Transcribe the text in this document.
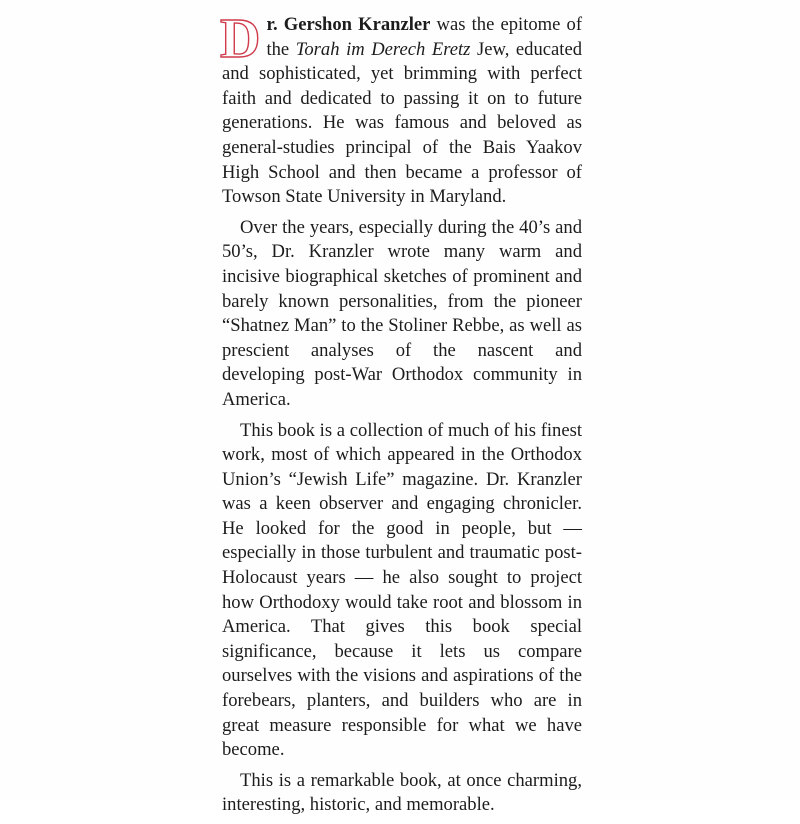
Dr. Gershon Kranzler was the epitome of the Torah im Derech Eretz Jew, educated and sophisticated, yet brimming with perfect faith and dedicated to passing it on to future generations. He was famous and beloved as general-studies principal of the Bais Yaakov High School and then became a professor of Towson State University in Maryland.

Over the years, especially during the 40’s and 50’s, Dr. Kranzler wrote many warm and incisive biographical sketches of prominent and barely known personalities, from the pioneer “Shatnez Man” to the Stoliner Rebbe, as well as prescient analyses of the nascent and developing post-War Orthodox community in America.

This book is a collection of much of his finest work, most of which appeared in the Orthodox Union’s “Jewish Life” magazine. Dr. Kranzler was a keen observer and engaging chronicler. He looked for the good in people, but — especially in those turbulent and traumatic post-Holocaust years — he also sought to project how Orthodoxy would take root and blossom in America. That gives this book special significance, because it lets us compare ourselves with the visions and aspirations of the forebears, planters, and builders who are in great measure responsible for what we have become.

This is a remarkable book, at once charming, interesting, historic, and memorable.
